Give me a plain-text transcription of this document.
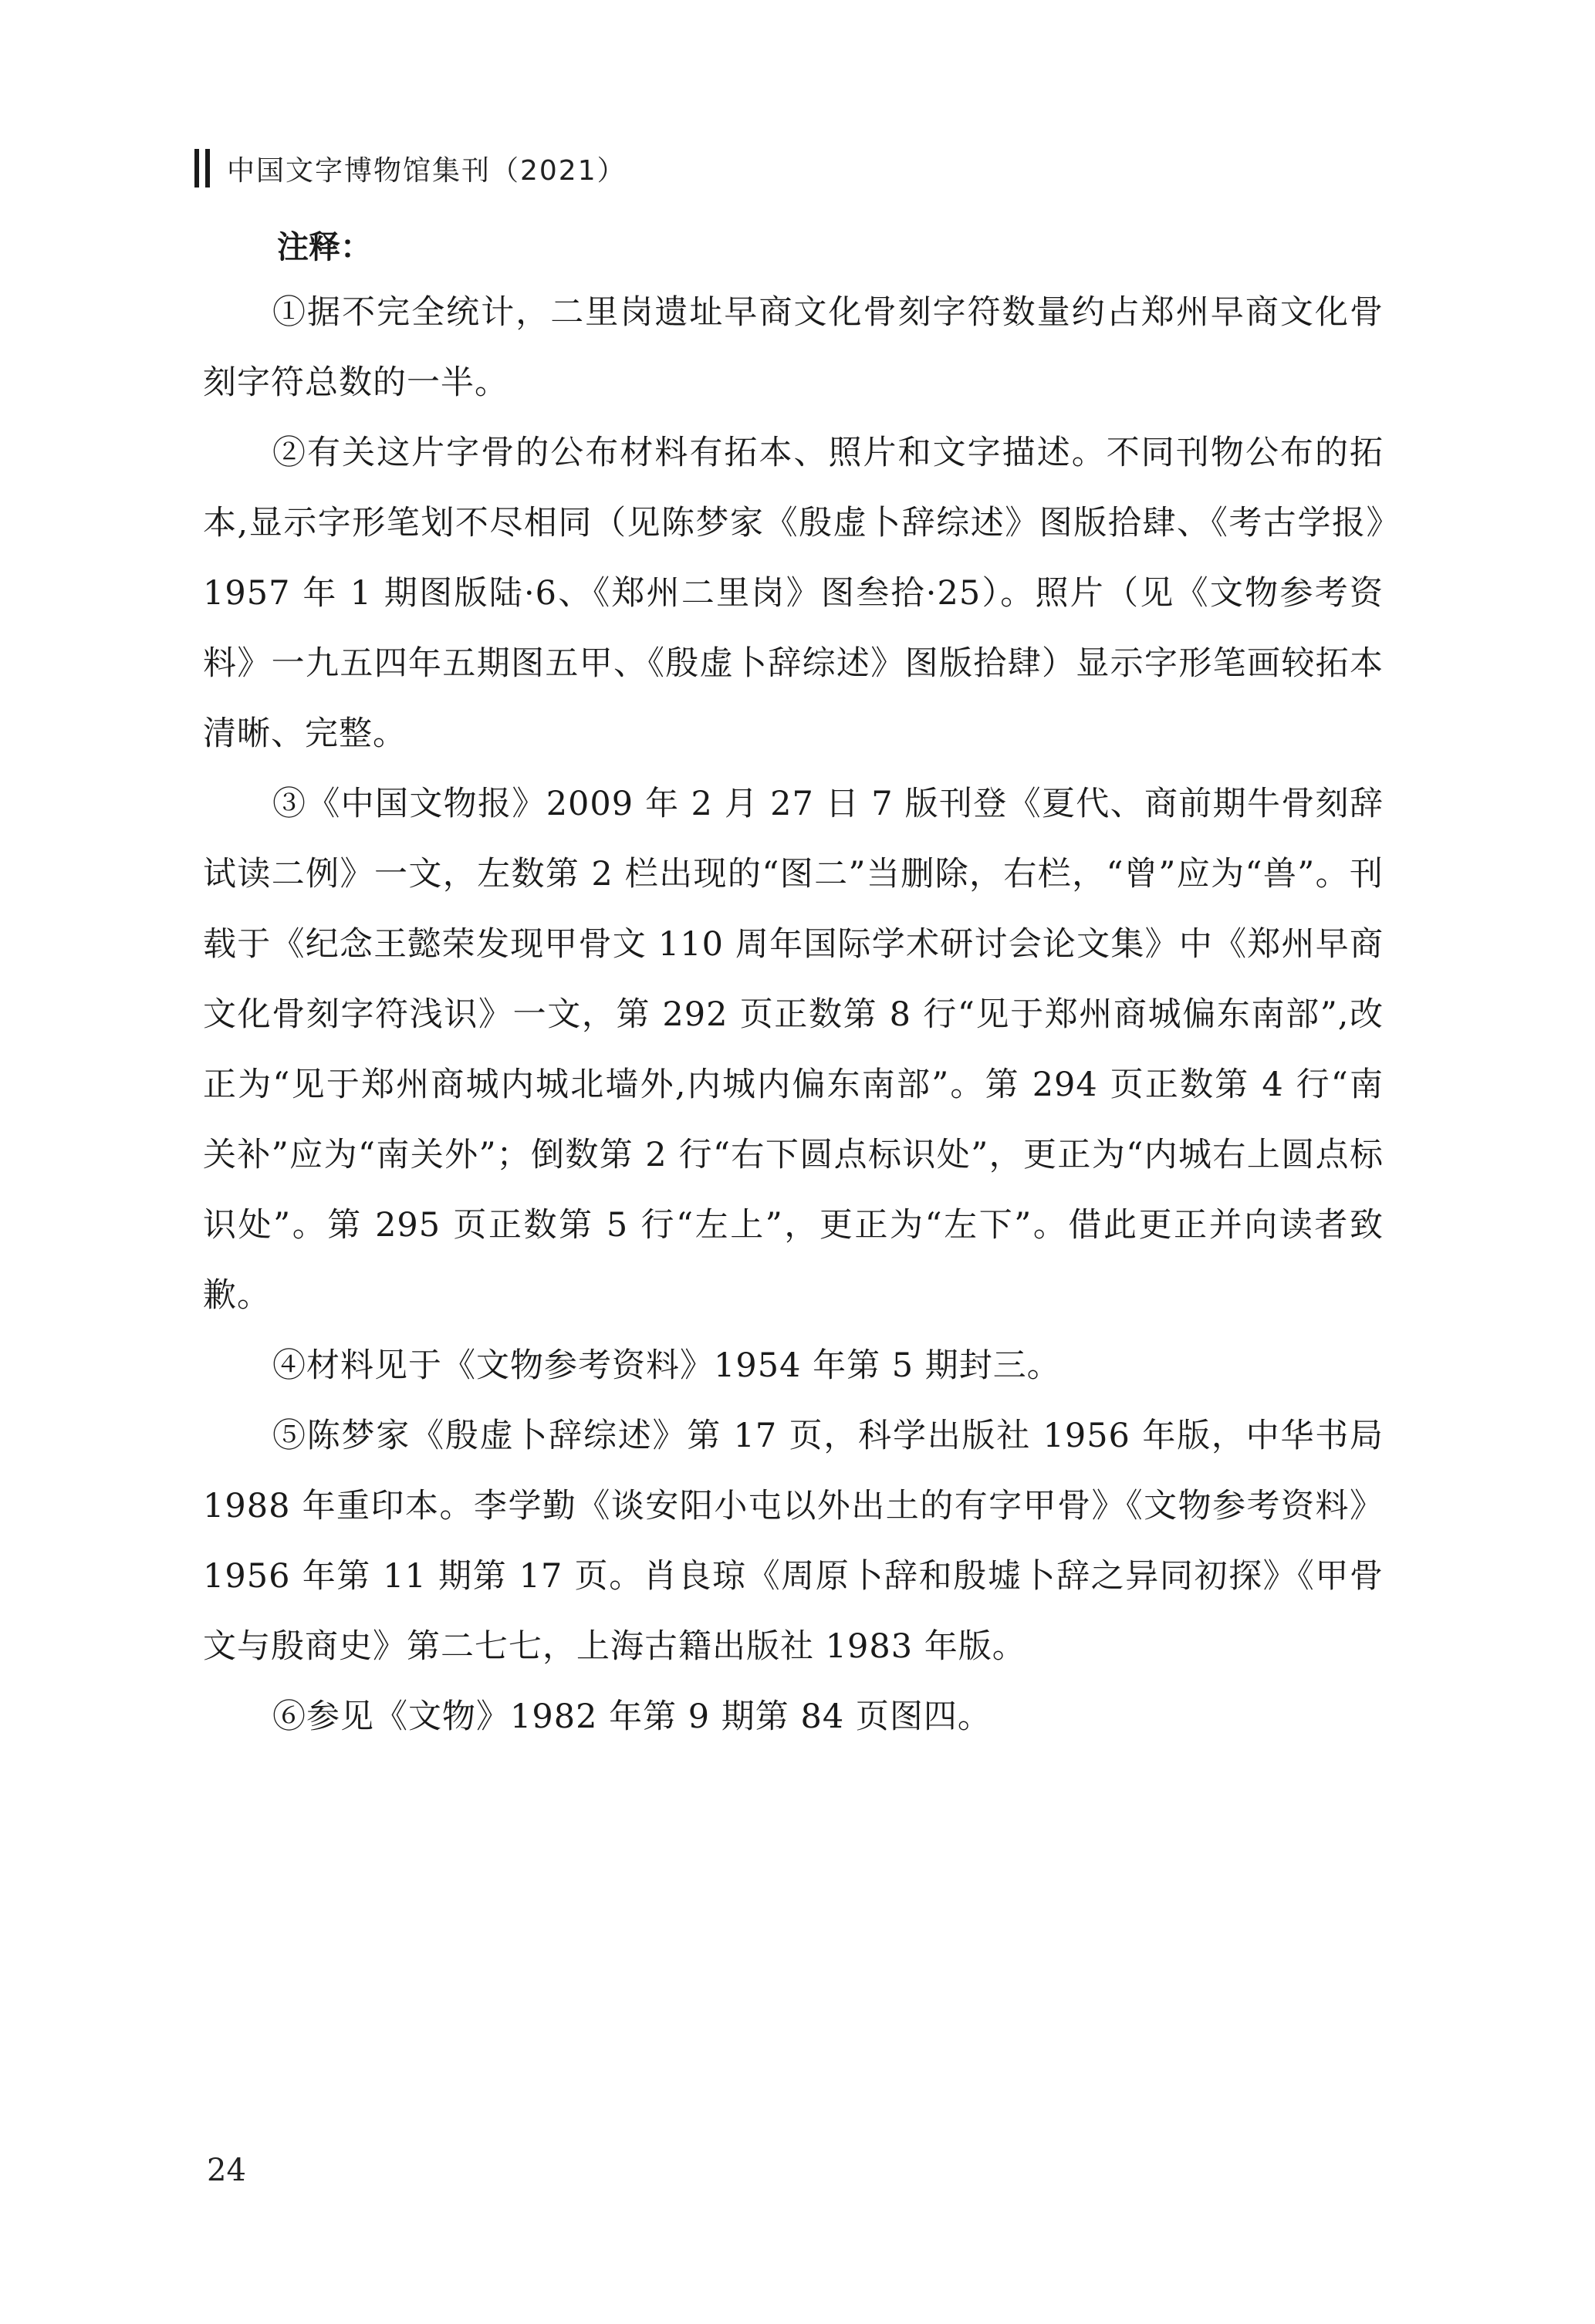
中国文字博物馆集刊（2021）
注释：

①据不完全统计，二里岗遗址早商文化骨刻字符数量约占郑州早商文化骨刻字符总数的一半。

②有关这片字骨的公布材料有拓本、照片和文字描述。不同刊物公布的拓本,显示字形笔划不尽相同（见陈梦家《殷虚卜辞综述》图版拾肆、《考古学报》1957 年 1 期图版陆·6、《郑州二里岗》图叁拾·25）。照片（见《文物参考资料》一九五四年五期图五甲、《殷虚卜辞综述》图版拾肆）显示字形笔画较拓本清晰、完整。

③《中国文物报》2009 年 2 月 27 日 7 版刊登《夏代、商前期牛骨刻辞试读二例》一文，左数第 2 栏出现的“图二”当删除，右栏，“曾”应为“兽”。刊载于《纪念王懿荣发现甲骨文 110 周年国际学术研讨会论文集》中《郑州早商文化骨刻字符浅识》一文，第 292 页正数第 8 行“见于郑州商城偏东南部”,改正为“见于郑州商城内城北墙外,内城内偏东南部”。第 294 页正数第 4 行“南关补”应为“南关外”；倒数第 2 行“右下圆点标识处”，更正为“内城右上圆点标识处”。第 295 页正数第 5 行“左上”，更正为“左下”。借此更正并向读者致歉。

④材料见于《文物参考资料》1954 年第 5 期封三。

⑤陈梦家《殷虚卜辞综述》第 17 页，科学出版社 1956 年版，中华书局 1988 年重印本。李学勤《谈安阳小屯以外出土的有字甲骨》《文物参考资料》1956 年第 11 期第 17 页。肖良琼《周原卜辞和殷墟卜辞之异同初探》《甲骨文与殷商史》第二七七，上海古籍出版社 1983 年版。

⑥参见《文物》1982 年第 9 期第 84 页图四。

24
